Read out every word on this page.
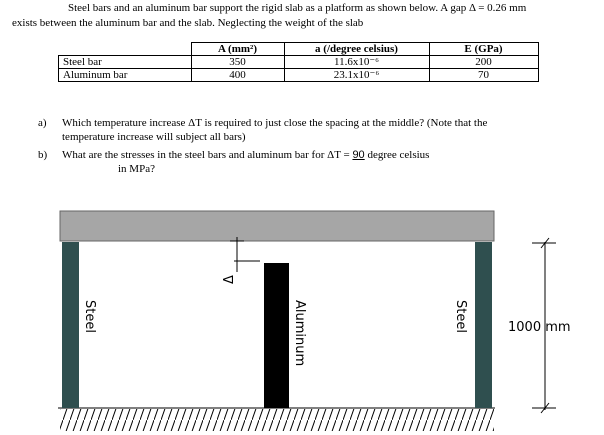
Steel bars and an aluminum bar support the rigid slab as a platform as shown below. A gap Δ = 0.26 mm
exists between the aluminum bar and the slab. Neglecting the weight of the slab
	A (mm²)	a (/degree celsius)	E (GPa)
Steel bar	350	11.6x10⁻⁶	200
Aluminum bar	400	23.1x10⁻⁶	70
a) Which temperature increase ΔT is required to just close the spacing at the middle? (Note that the
temperature increase will subject all bars)
b) What are the stresses in the steel bars and aluminum bar for ΔT = 90 degree celsius
in MPa?
Steel	Aluminum	Steel
Δ
1000 mm
